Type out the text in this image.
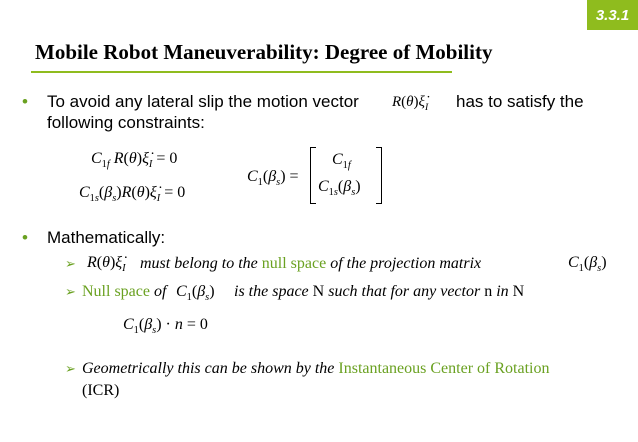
3.3.1
Mobile Robot Maneuverability: Degree of Mobility
• To avoid any lateral slip the motion vector $R(\theta)\xi̇_I$ has to satisfy the
following constraints:
$C_{1f}$ $R(\theta)\xi̇_I = 0$
$C_{1s}(\beta_s)R(\theta)\xi̇_I = 0$
$C_1(\beta_s)$ =
$C_{1f}$
$C_{1s}(\beta_s)$
• Mathematically:
➢ $R(\theta)\xi̇_I$ must belong to the null space of the projection matrix	$C_1(\beta_s)$
➢ Null space of $C_1(\beta_s)$ is the space N such that for any vector n in N
$C_1(\beta_s) \cdot n = 0$
➢ Geometrically this can be shown by the Instantaneous Center of Rotation
(ICR)
